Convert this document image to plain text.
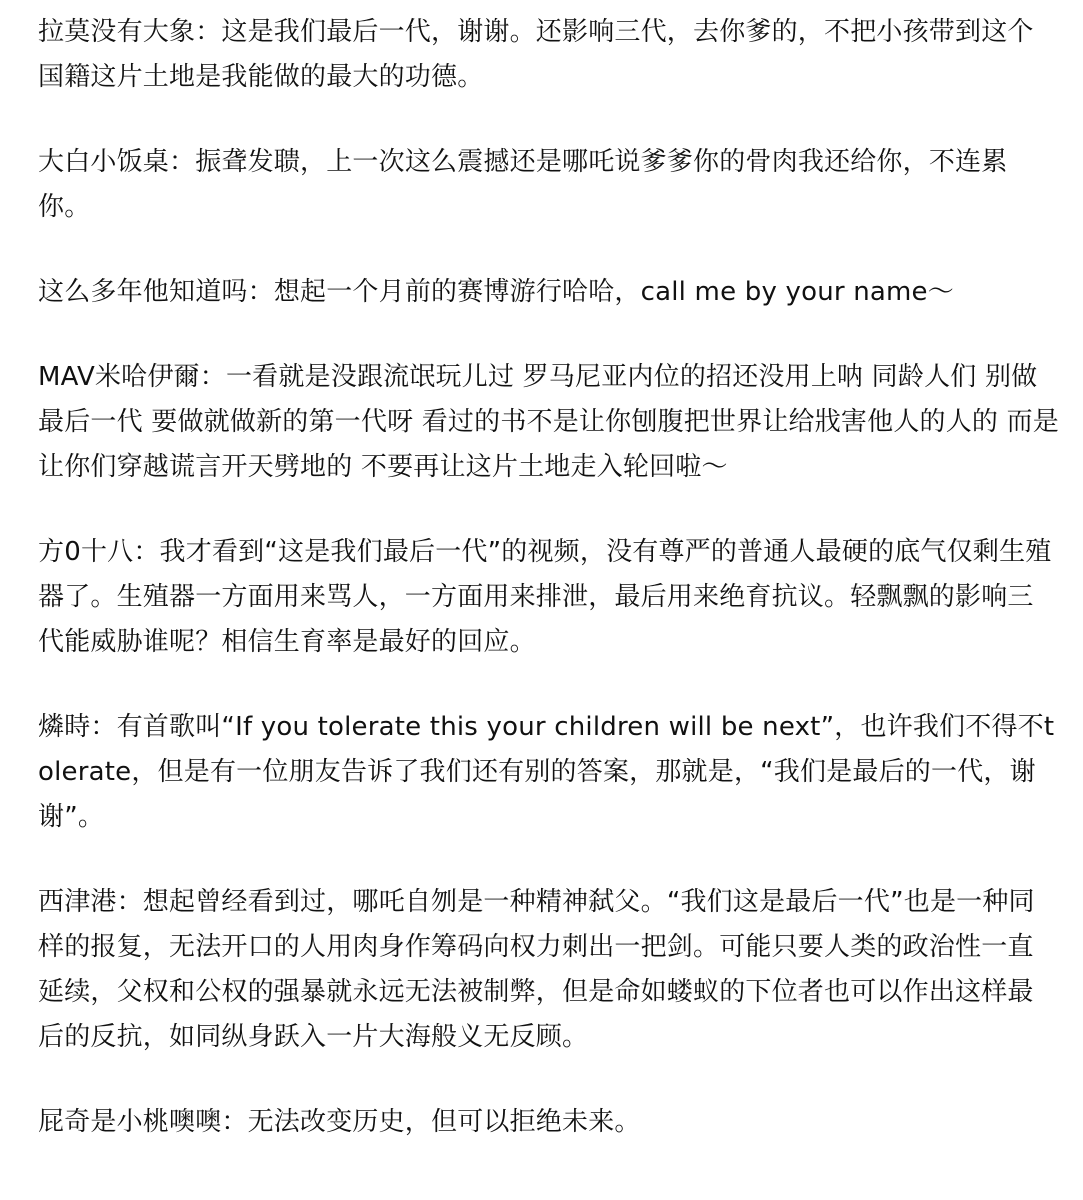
拉莫没有大象：这是我们最后一代，谢谢。还影响三代，去你爹的，不把小孩带到这个国籍这片土地是我能做的最大的功德。

大白小饭桌：振聋发聩，上一次这么震撼还是哪吒说爹爹你的骨肉我还给你，不连累你。

这么多年他知道吗：想起一个月前的赛博游行哈哈，call me by your name～

MAV米哈伊爾：一看就是没跟流氓玩儿过 罗马尼亚内位的招还没用上呐 同龄人们 别做最后一代 要做就做新的第一代呀 看过的书不是让你刨腹把世界让给戕害他人的人的 而是让你们穿越谎言开天劈地的 不要再让这片土地走入轮回啦～

方0十八：我才看到“这是我们最后一代”的视频，没有尊严的普通人最硬的底气仅剩生殖器了。生殖器一方面用来骂人，一方面用来排泄，最后用来绝育抗议。轻飘飘的影响三代能威胁谁呢？相信生育率是最好的回应。

燐時：有首歌叫“If you tolerate this your children will be next”，也许我们不得不tolerate，但是有一位朋友告诉了我们还有别的答案，那就是，“我们是最后的一代，谢谢”。

西津港：想起曾经看到过，哪吒自刎是一种精神弑父。“我们这是最后一代”也是一种同样的报复，无法开口的人用肉身作筹码向权力刺出一把剑。可能只要人类的政治性一直延续，父权和公权的强暴就永远无法被制弊，但是命如蝼蚁的下位者也可以作出这样最后的反抗，如同纵身跃入一片大海般义无反顾。

屁奇是小桃噢噢：无法改变历史，但可以拒绝未来。
